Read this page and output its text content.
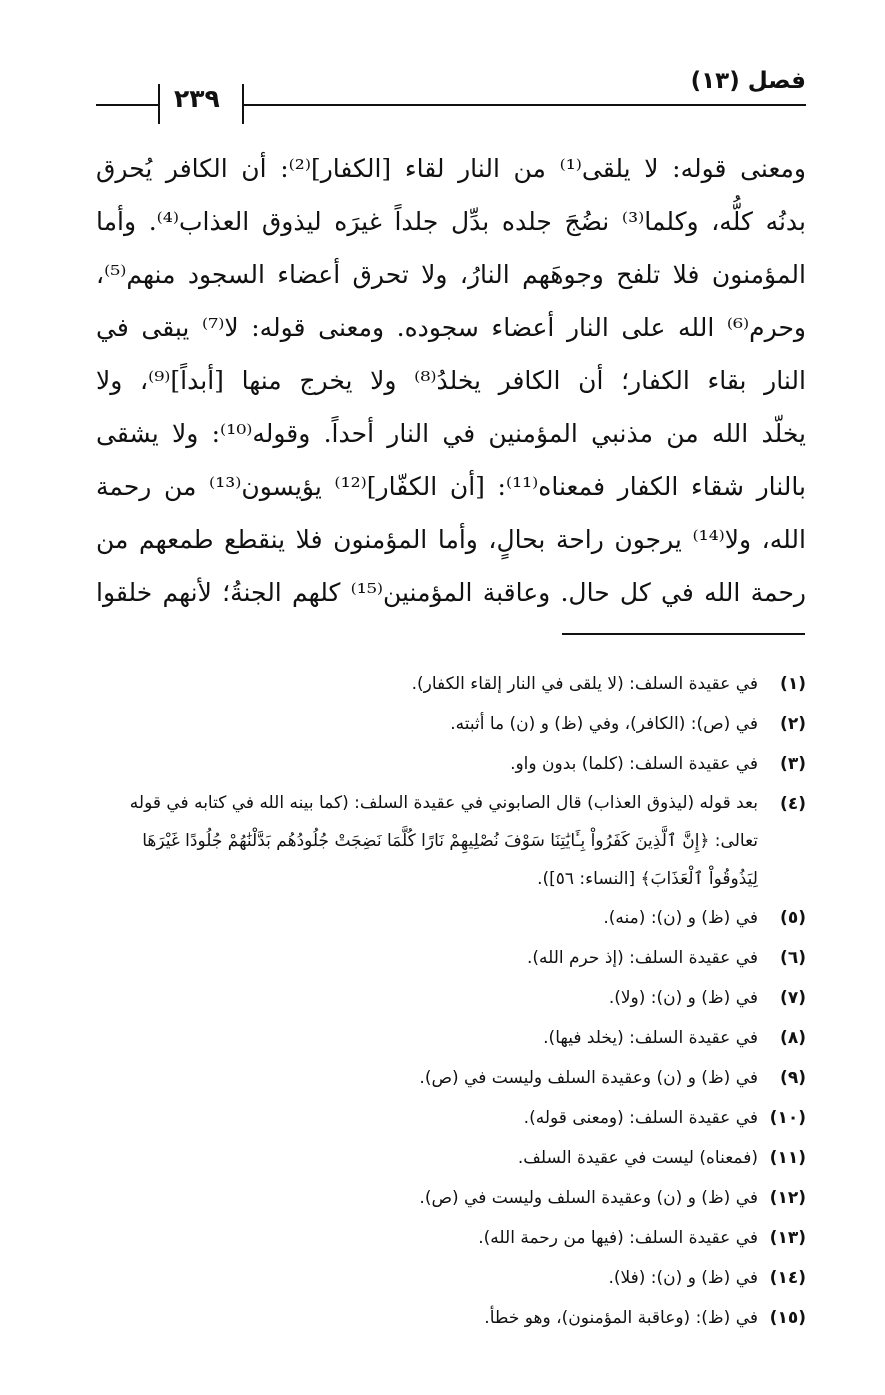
فصل (١٣)
٢٣٩
ومعنى قوله: لا يلقى⁽¹⁾ من النار لقاء [الكفار]⁽²⁾: أن الكافر يُحرق
بدنُه كلُّه، وكلما⁽³⁾ نضُجَ جلده بدِّل جلداً غيرَه ليذوق العذاب⁽⁴⁾. وأما
المؤمنون فلا تلفح وجوهَهم النارُ، ولا تحرق أعضاء السجود منهم⁽⁵⁾،
وحرم⁽⁶⁾ الله على النار أعضاء سجوده. ومعنى قوله: لا⁽⁷⁾ يبقى في
النار بقاء الكفار؛ أن الكافر يخلدُ⁽⁸⁾ ولا يخرج منها [أبداً]⁽⁹⁾، ولا
يخلّد الله من مذنبي المؤمنين في النار أحداً. وقوله⁽¹⁰⁾: ولا يشقى
بالنار شقاء الكفار فمعناه⁽¹¹⁾: [أن الكفّار]⁽¹²⁾ يؤيسون⁽¹³⁾ من رحمة
الله، ولا⁽¹⁴⁾ يرجون راحة بحالٍ، وأما المؤمنون فلا ينقطع طمعهم من
رحمة الله في كل حال. وعاقبة المؤمنين⁽¹⁵⁾ كلهم الجنةُ؛ لأنهم خلقوا
(١)
في عقيدة السلف: (لا يلقى في النار إلقاء الكفار).
(٢)
في (ص): (الكافر)، وفي (ظ) و (ن) ما أثبته.
(٣)
في عقيدة السلف: (كلما) بدون واو.
(٤)
بعد قوله (ليذوق العذاب) قال الصابوني في عقيدة السلف: (كما بينه الله في كتابه في قوله تعالى: ﴿إِنَّ ٱلَّذِينَ كَفَرُواْ بِـَٔايَٰتِنَا سَوْفَ نُصْلِيهِمْ نَارًا كُلَّمَا نَضِجَتْ جُلُودُهُم بَدَّلْنَٰهُمْ جُلُودًا غَيْرَهَا لِيَذُوقُواْ ٱلْعَذَابَ﴾ [النساء: ٥٦]).
(٥)
في (ظ) و (ن): (منه).
(٦)
في عقيدة السلف: (إذ حرم الله).
(٧)
في (ظ) و (ن): (ولا).
(٨)
في عقيدة السلف: (يخلد فيها).
(٩)
في (ظ) و (ن) وعقيدة السلف وليست في (ص).
(١٠)
في عقيدة السلف: (ومعنى قوله).
(١١)
(فمعناه) ليست في عقيدة السلف.
(١٢)
في (ظ) و (ن) وعقيدة السلف وليست في (ص).
(١٣)
في عقيدة السلف: (فيها من رحمة الله).
(١٤)
في (ظ) و (ن): (فلا).
(١٥)
في (ظ): (وعاقبة المؤمنون)، وهو خطأ.
